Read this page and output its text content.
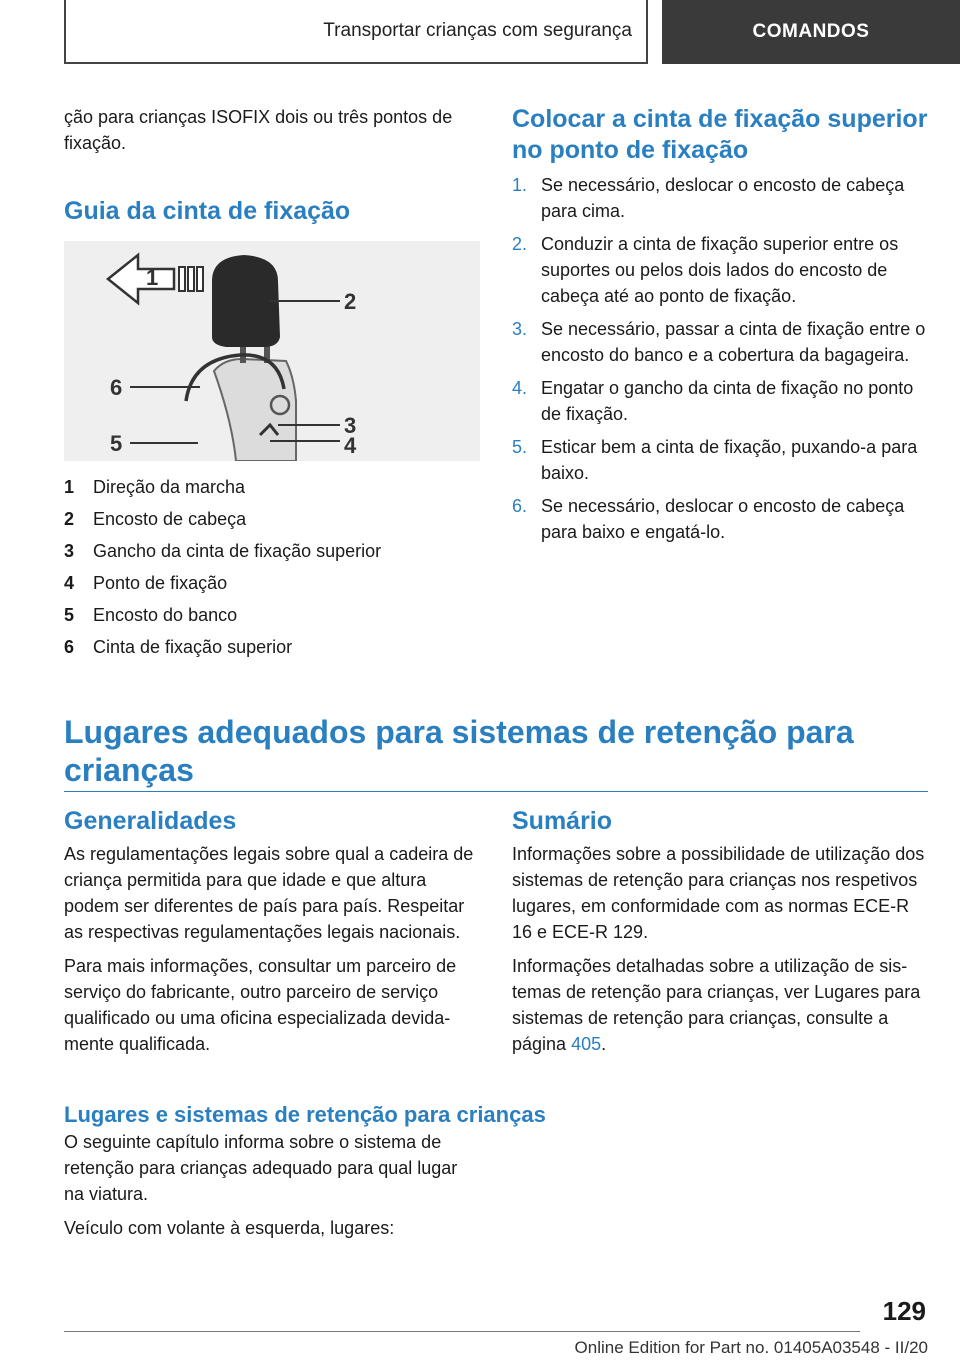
Transportar crianças com segurança	COMANDOS

ção para crianças ISOFIX dois ou três pontos de fixação.

Guia da cinta de fixação
1
2
3
4
5
6
1	Direção da marcha
2	Encosto de cabeça
3	Gancho da cinta de fixação superior
4	Ponto de fixação
5	Encosto do banco
6	Cinta de fixação superior
Colocar a cinta de fixação superior no ponto de fixação
1. Se necessário, deslocar o encosto de cabeça para cima.
2. Conduzir a cinta de fixação superior entre os suportes ou pelos dois lados do encosto de cabeça até ao ponto de fixação.
3. Se necessário, passar a cinta de fixação entre o encosto do banco e a cobertura da bagageira.
4. Engatar o gancho da cinta de fixação no ponto de fixação.
5. Esticar bem a cinta de fixação, puxando-a para baixo.
6. Se necessário, deslocar o encosto de cabeça para baixo e engatá-lo.
Lugares adequados para sistemas de retenção para crianças
Generalidades

As regulamentações legais sobre qual a cadeira de criança permitida para que idade e que altura podem ser diferentes de país para país. Respeitar as respectivas regulamentações legais nacionais.

Para mais informações, consultar um parceiro de serviço do fabricante, outro parceiro de serviço qualificado ou uma oficina especializada devidamente qualificada.

Sumário

Informações sobre a possibilidade de utilização dos sistemas de retenção para crianças nos respetivos lugares, em conformidade com as normas ECE-R 16 e ECE-R 129.

Informações detalhadas sobre a utilização de sistemas de retenção para crianças, ver Lugares para sistemas de retenção para crianças, consulte a página 405.

Lugares e sistemas de retenção para crianças

O seguinte capítulo informa sobre o sistema de retenção para crianças adequado para qual lugar na viatura.

Veículo com volante à esquerda, lugares:

129
Online Edition for Part no. 01405A03548 - II/20
